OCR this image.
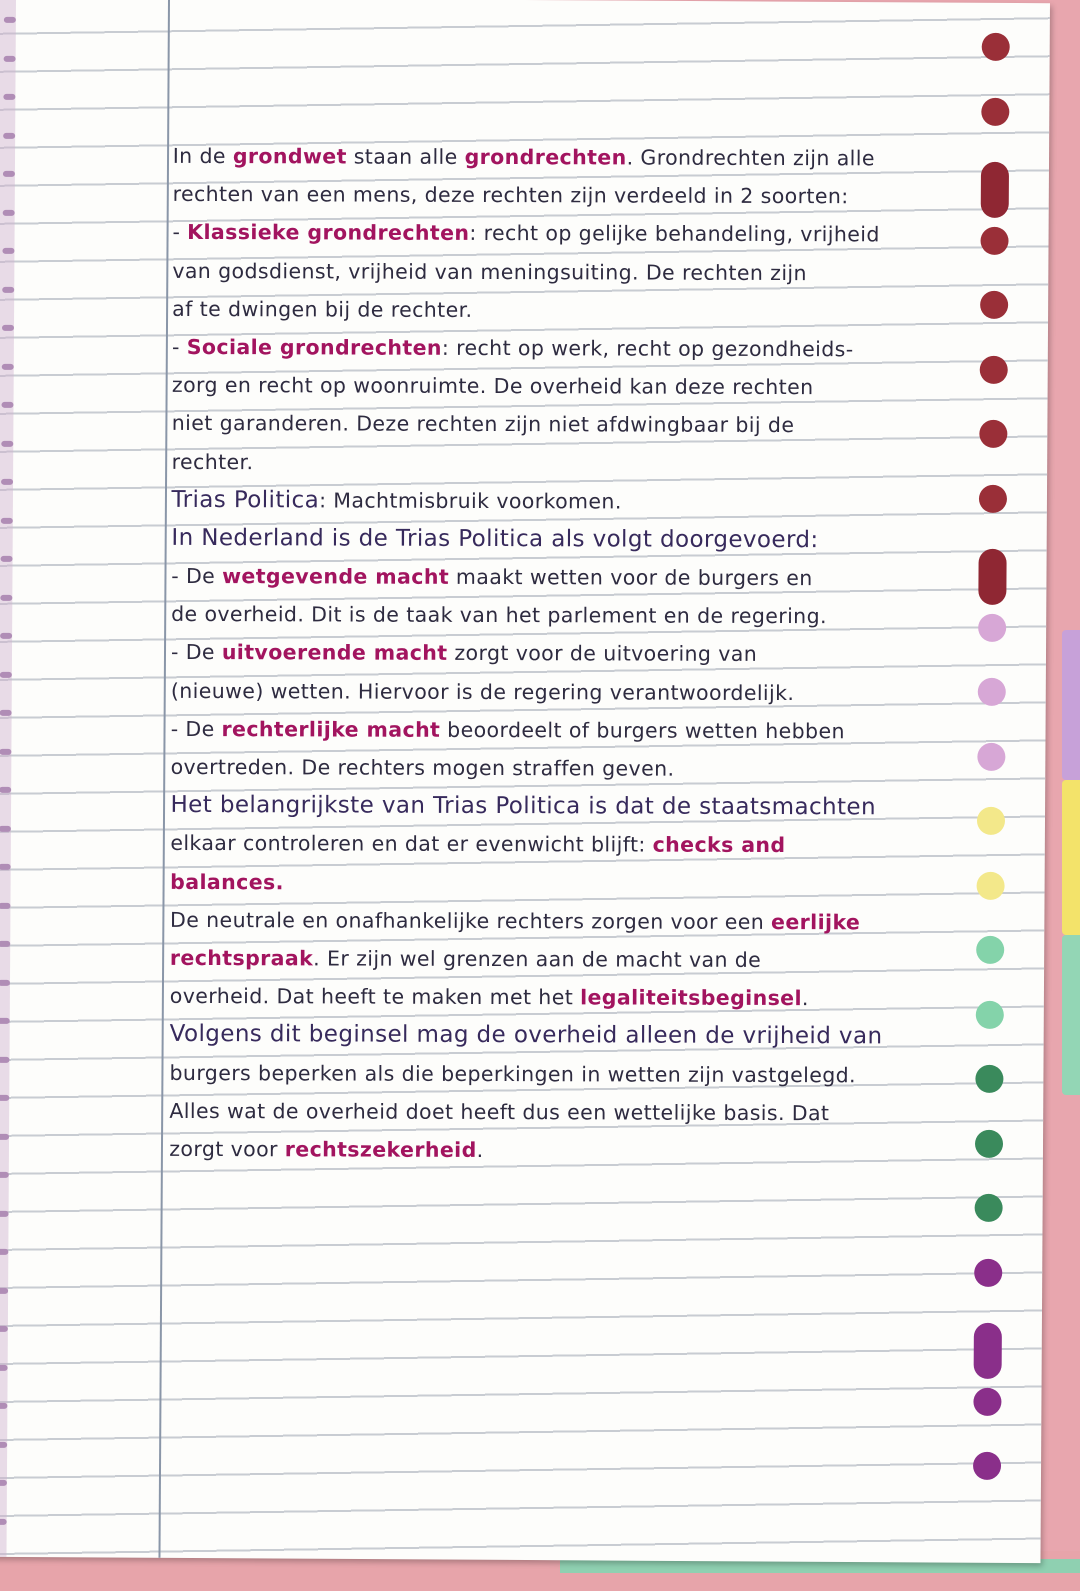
In de grondwet staan alle grondrechten. Grondrechten zijn alle
rechten van een mens, deze rechten zijn verdeeld in 2 soorten:
- Klassieke grondrechten: recht op gelijke behandeling, vrijheid
van godsdienst, vrijheid van meningsuiting. De rechten zijn
af te dwingen bij de rechter.
- Sociale grondrechten: recht op werk, recht op gezondheids-
zorg en recht op woonruimte. De overheid kan deze rechten
niet garanderen. Deze rechten zijn niet afdwingbaar bij de
rechter.
Trias Politica: Machtmisbruik voorkomen.
In Nederland is de Trias Politica als volgt doorgevoerd:
- De wetgevende macht maakt wetten voor de burgers en
de overheid. Dit is de taak van het parlement en de regering.
- De uitvoerende macht zorgt voor de uitvoering van
(nieuwe) wetten. Hiervoor is de regering verantwoordelijk.
- De rechterlijke macht beoordeelt of burgers wetten hebben
overtreden. De rechters mogen straffen geven.
Het belangrijkste van Trias Politica is dat de staatsmachten
elkaar controleren en dat er evenwicht blijft: checks and
balances.
De neutrale en onafhankelijke rechters zorgen voor een eerlijke
rechtspraak. Er zijn wel grenzen aan de macht van de
overheid. Dat heeft te maken met het legaliteitsbeginsel.
Volgens dit beginsel mag de overheid alleen de vrijheid van
burgers beperken als die beperkingen in wetten zijn vastgelegd.
Alles wat de overheid doet heeft dus een wettelijke basis. Dat
zorgt voor rechtszekerheid.
